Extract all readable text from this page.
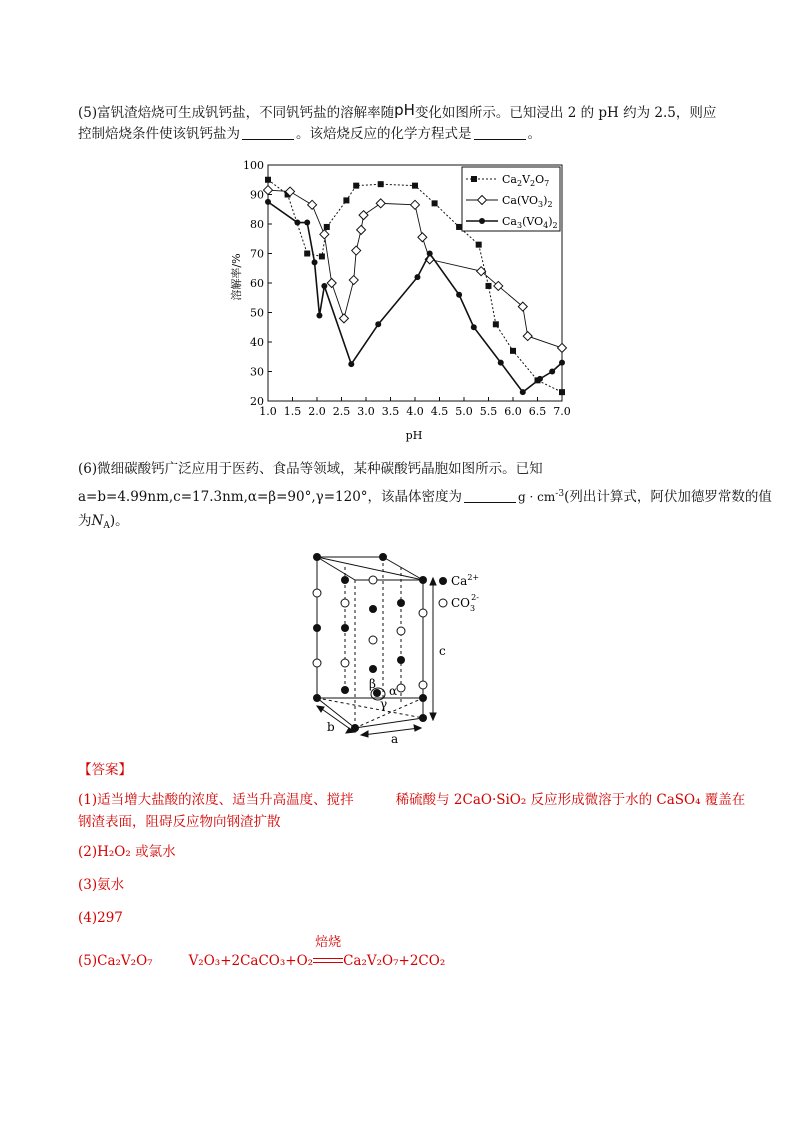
(5)富钒渣焙烧可生成钒钙盐，不同钒钙盐的溶解率随pH变化如图所示。已知浸出 2 的 pH 约为 2.5，则应
控制焙烧条件使该钒钙盐为	。该焙烧反应的化学方程式是	。
1.0 1.5 2.0 2.5 3.0 3.5 4.0 4.5 5.0 5.5 6.0 6.5 7.0
20
30
40
50
60
70
80
90
100
$Ca_2V_2O_7$
$Ca(VO_3)_2$
$Ca_3(VO_4)_2$
溶解率/%
pH
(6)微细碳酸钙广泛应用于医药、食品等领域，某种碳酸钙晶胞如图所示。已知
a=b=4.99nm,c=17.3nm,α=β=90°,γ=120°，该晶体密度为	$g \cdot cm^{-3}$(列出计算式，阿伏加德罗常数的值
为$N_A$)。
β α
γ
c
a
b
$Ca^{2+}$
$CO_32-$
【答案】
(1)适当增大盐酸的浓度、适当升高温度、搅拌	稀硫酸与 2CaO·SiO₂ 反应形成微溶于水的 CaSO₄ 覆盖在
钢渣表面，阻碍反应物向钢渣扩散
(2)H₂O₂ 或氯水
(3)氨水
(4)297
(5)Ca₂V₂O₇	V₂O₃+2CaCO₃+O₂
焙烧
Ca₂V₂O₇+2CO₂
